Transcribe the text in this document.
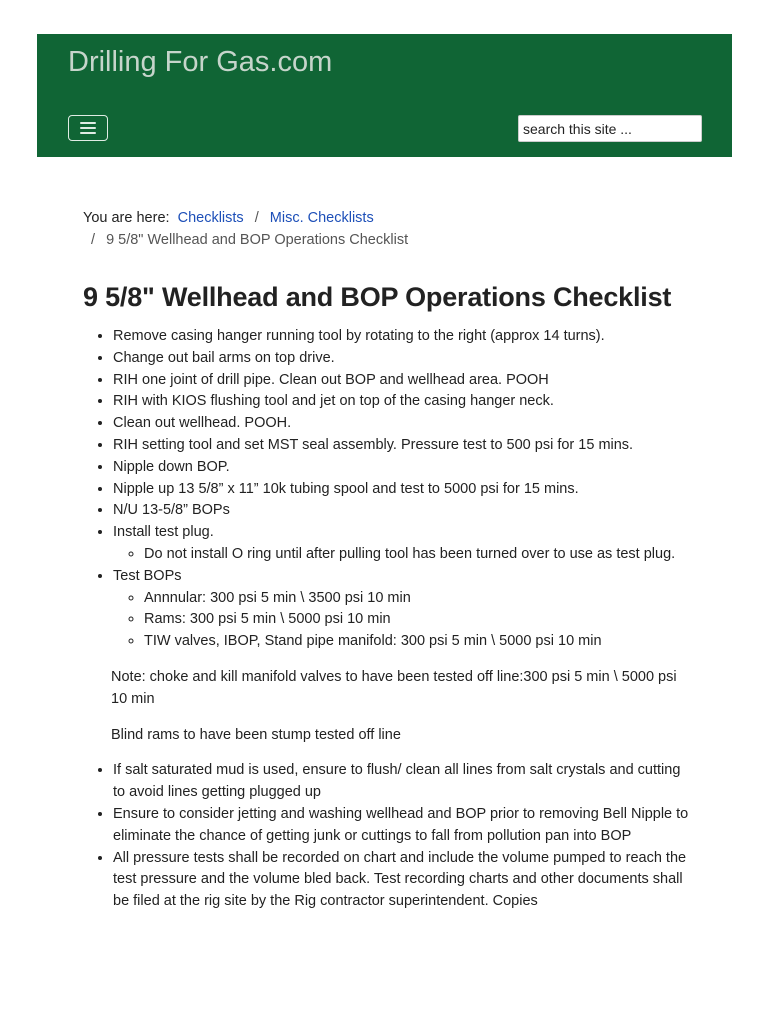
Drilling For Gas.com
search this site ...
You are here: Checklists / Misc. Checklists
/ 9 5/8" Wellhead and BOP Operations Checklist
9 5/8" Wellhead and BOP Operations Checklist
• Remove casing hanger running tool by rotating to the right (approx 14 turns).
• Change out bail arms on top drive.
• RIH one joint of drill pipe. Clean out BOP and wellhead area. POOH
• RIH with KIOS flushing tool and jet on top of the casing hanger neck.
• Clean out wellhead. POOH.
• RIH setting tool and set MST seal assembly. Pressure test to 500 psi for 15 mins.
• Nipple down BOP.
• Nipple up 13 5/8” x 11” 10k tubing spool and test to 5000 psi for 15 mins.
• N/U 13-5/8” BOPs
• Install test plug.
◦ Do not install O ring until after pulling tool has been turned over to use as test plug.
• Test BOPs
◦ Annnular: 300 psi 5 min \ 3500 psi 10 min
◦ Rams: 300 psi 5 min \ 5000 psi 10 min
◦ TIW valves, IBOP, Stand pipe manifold: 300 psi 5 min \ 5000 psi 10 min

Note: choke and kill manifold valves to have been tested off line:300 psi 5 min \ 5000 psi 10 min

Blind rams to have been stump tested off line

• If salt saturated mud is used, ensure to flush/ clean all lines from salt crystals and cutting to avoid lines getting plugged up
• Ensure to consider jetting and washing wellhead and BOP prior to removing Bell Nipple to eliminate the chance of getting junk or cuttings to fall from pollution pan into BOP
• All pressure tests shall be recorded on chart and include the volume pumped to reach the test pressure and the volume bled back. Test recording charts and other documents shall be filed at the rig site by the Rig contractor superintendent. Copies
